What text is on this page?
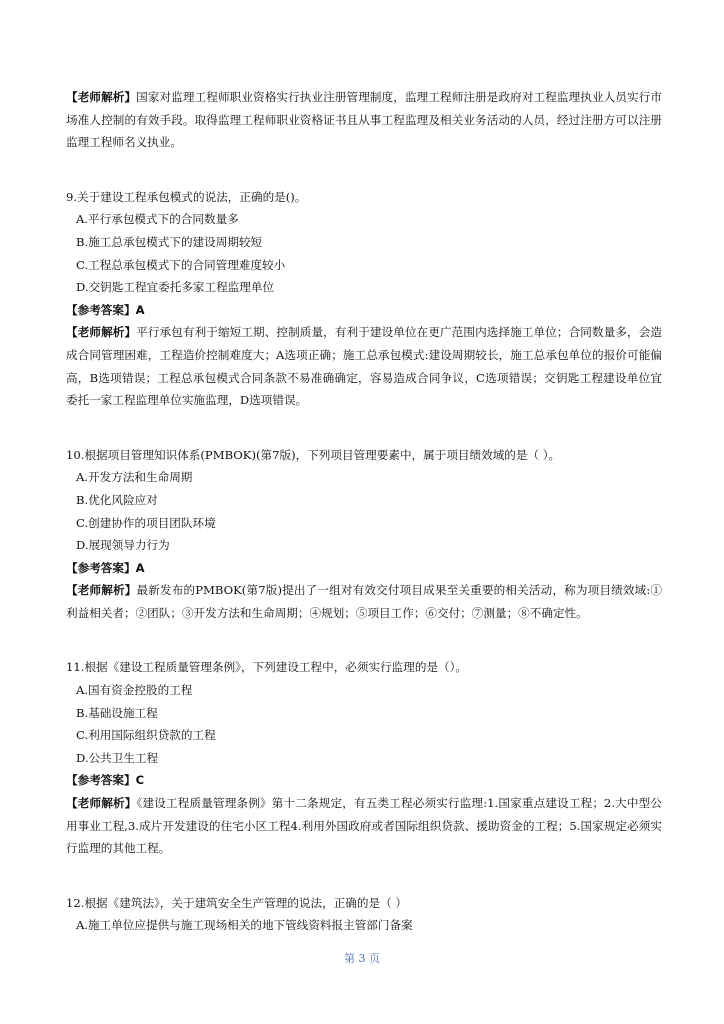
【老师解析】国家对监理工程师职业资格实行执业注册管理制度，监理工程师注册是政府对工程监理执业人员实行市场准人控制的有效手段。取得监理工程师职业资格证书且从事工程监理及相关业务活动的人员，经过注册方可以注册监理工程师名义执业。

9.关于建设工程承包模式的说法，正确的是()。
A.平行承包模式下的合同数量多
B.施工总承包模式下的建设周期较短
C.工程总承包模式下的合同管理难度较小
D.交钥匙工程宜委托多家工程监理单位
【参考答案】A

【老师解析】平行承包有利于缩短工期、控制质量，有利于建设单位在更广范围内选择施工单位；合同数量多，会造成合同管理困难，工程造价控制难度大；A选项正确；施工总承包模式:建设周期较长，施工总承包单位的报价可能偏高，B选项错误；工程总承包模式合同条款不易准确确定，容易造成合同争议，C选项错误；交钥匙工程建设单位宜委托一家工程监理单位实施监理，D选项错误。

10.根据项目管理知识体系(PMBOK)(第7版)，下列项目管理要素中，属于项目绩效域的是（ ）。
A.开发方法和生命周期
B.优化风险应对
C.创建协作的项目团队环境
D.展现领导力行为
【参考答案】A

【老师解析】最新发布的PMBOK(第7版)提出了一组对有效交付项目成果至关重要的相关活动，称为项目绩效域:①利益相关者；②团队；③开发方法和生命周期；④规划；⑤项目工作；⑥交付；⑦测量；⑧不确定性。

11.根据《建设工程质量管理条例》，下列建设工程中，必须实行监理的是（）。
A.国有资金控股的工程
B.基础设施工程
C.利用国际组织贷款的工程
D.公共卫生工程
【参考答案】C

【老师解析】《建设工程质量管理条例》第十二条规定，有五类工程必须实行监理:1.国家重点建设工程；2.大中型公用事业工程,3.成片开发建设的住宅小区工程4.利用外国政府或者国际组织贷款、援助资金的工程；5.国家规定必须实行监理的其他工程。

12.根据《建筑法》，关于建筑安全生产管理的说法，正确的是（ ）
A.施工单位应提供与施工现场相关的地下管线资料报主管部门备案
第 3 页
